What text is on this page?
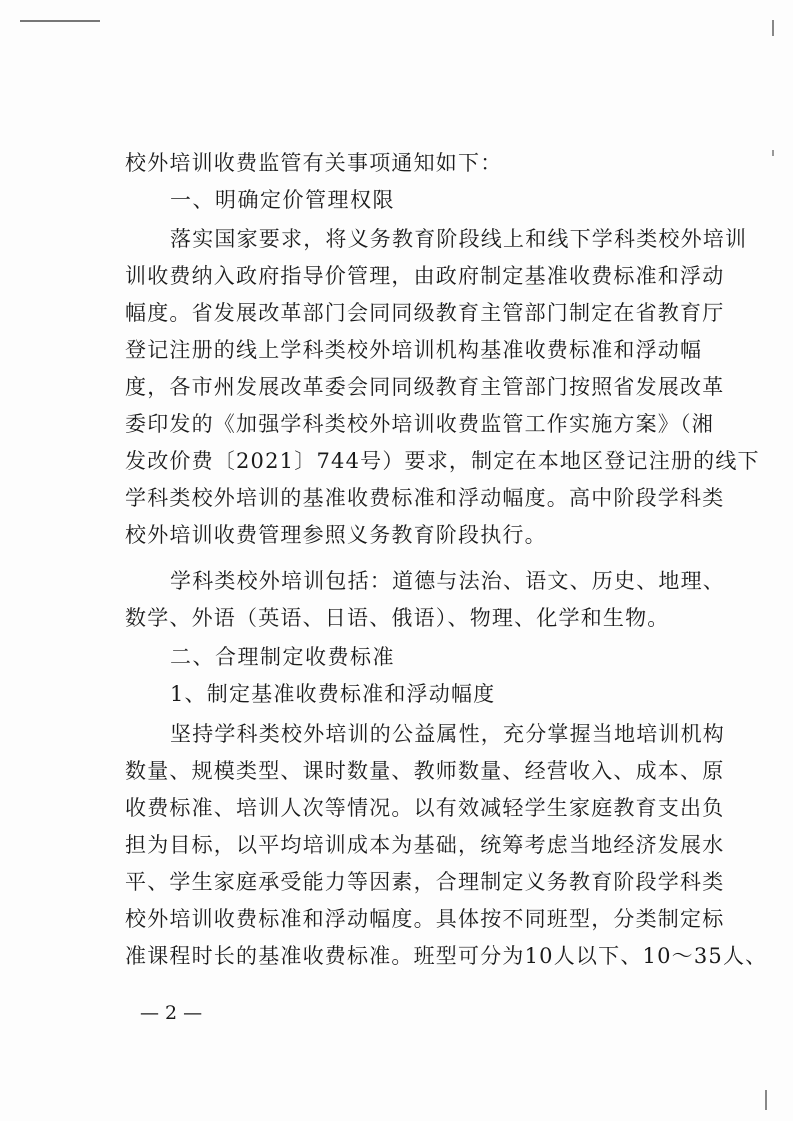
校外培训收费监管有关事项通知如下：
一、明确定价管理权限
落实国家要求，将义务教育阶段线上和线下学科类校外培训
训收费纳入政府指导价管理，由政府制定基准收费标准和浮动
幅度。省发展改革部门会同同级教育主管部门制定在省教育厅
登记注册的线上学科类校外培训机构基准收费标准和浮动幅
度，各市州发展改革委会同同级教育主管部门按照省发展改革
委印发的《加强学科类校外培训收费监管工作实施方案》（湘
发改价费〔2021〕744号）要求，制定在本地区登记注册的线下
学科类校外培训的基准收费标准和浮动幅度。高中阶段学科类
校外培训收费管理参照义务教育阶段执行。
学科类校外培训包括：道德与法治、语文、历史、地理、
数学、外语（英语、日语、俄语）、物理、化学和生物。
二、合理制定收费标准
1、制定基准收费标准和浮动幅度
坚持学科类校外培训的公益属性，充分掌握当地培训机构
数量、规模类型、课时数量、教师数量、经营收入、成本、原
收费标准、培训人次等情况。以有效减轻学生家庭教育支出负
担为目标，以平均培训成本为基础，统筹考虑当地经济发展水
平、学生家庭承受能力等因素，合理制定义务教育阶段学科类
校外培训收费标准和浮动幅度。具体按不同班型，分类制定标
准课程时长的基准收费标准。班型可分为10人以下、10～35人、
— 2 —
